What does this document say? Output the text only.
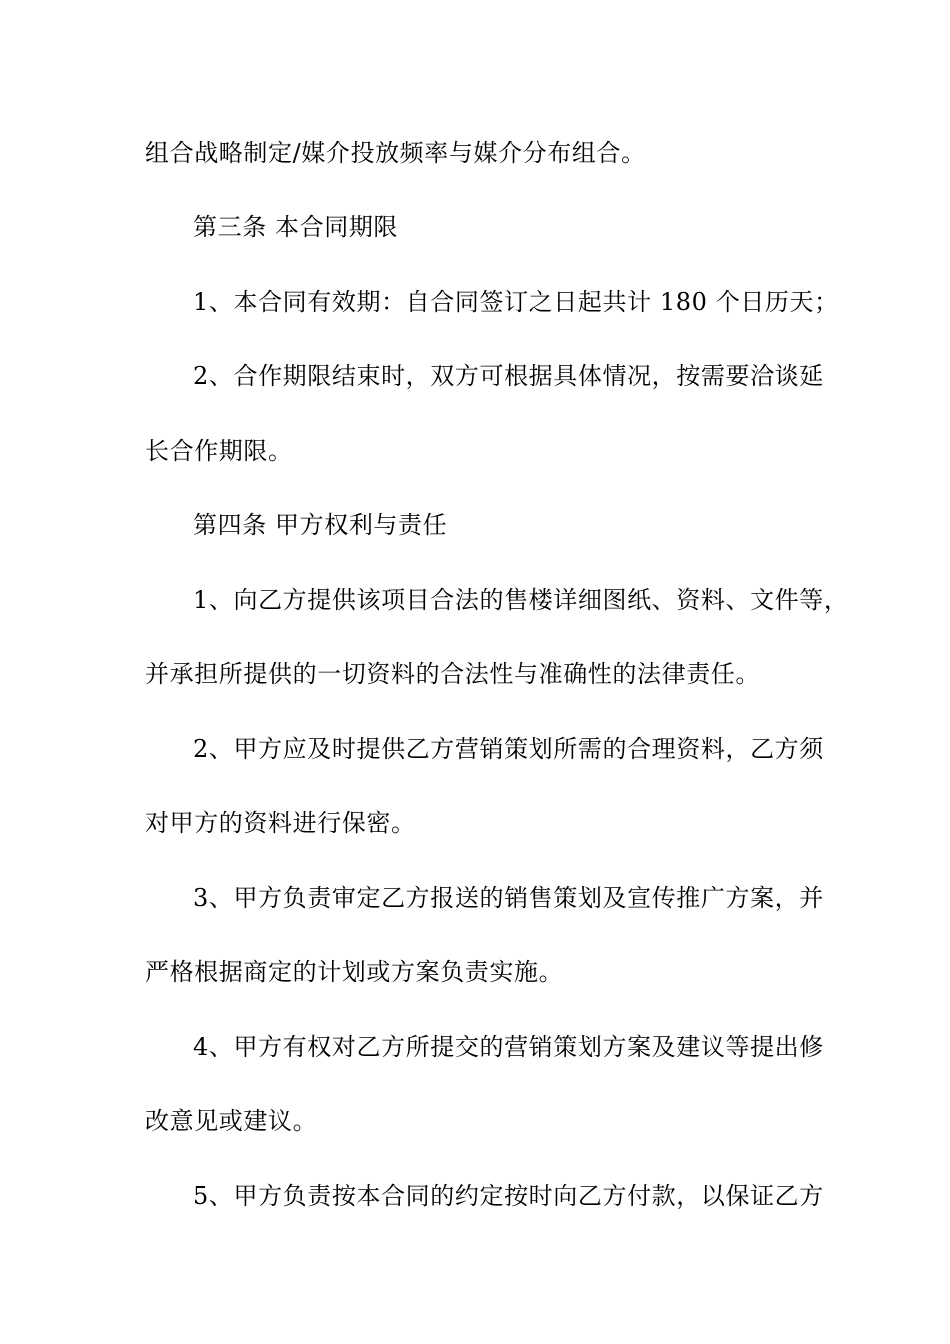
组合战略制定/媒介投放频率与媒介分布组合。
第三条 本合同期限
1、本合同有效期：自合同签订之日起共计 180 个日历天；
2、合作期限结束时，双方可根据具体情况，按需要洽谈延
长合作期限。
第四条 甲方权利与责任
1、向乙方提供该项目合法的售楼详细图纸、资料、文件等，
并承担所提供的一切资料的合法性与准确性的法律责任。
2、甲方应及时提供乙方营销策划所需的合理资料，乙方须
对甲方的资料进行保密。
3、甲方负责审定乙方报送的销售策划及宣传推广方案，并
严格根据商定的计划或方案负责实施。
4、甲方有权对乙方所提交的营销策划方案及建议等提出修
改意见或建议。
5、甲方负责按本合同的约定按时向乙方付款，以保证乙方
